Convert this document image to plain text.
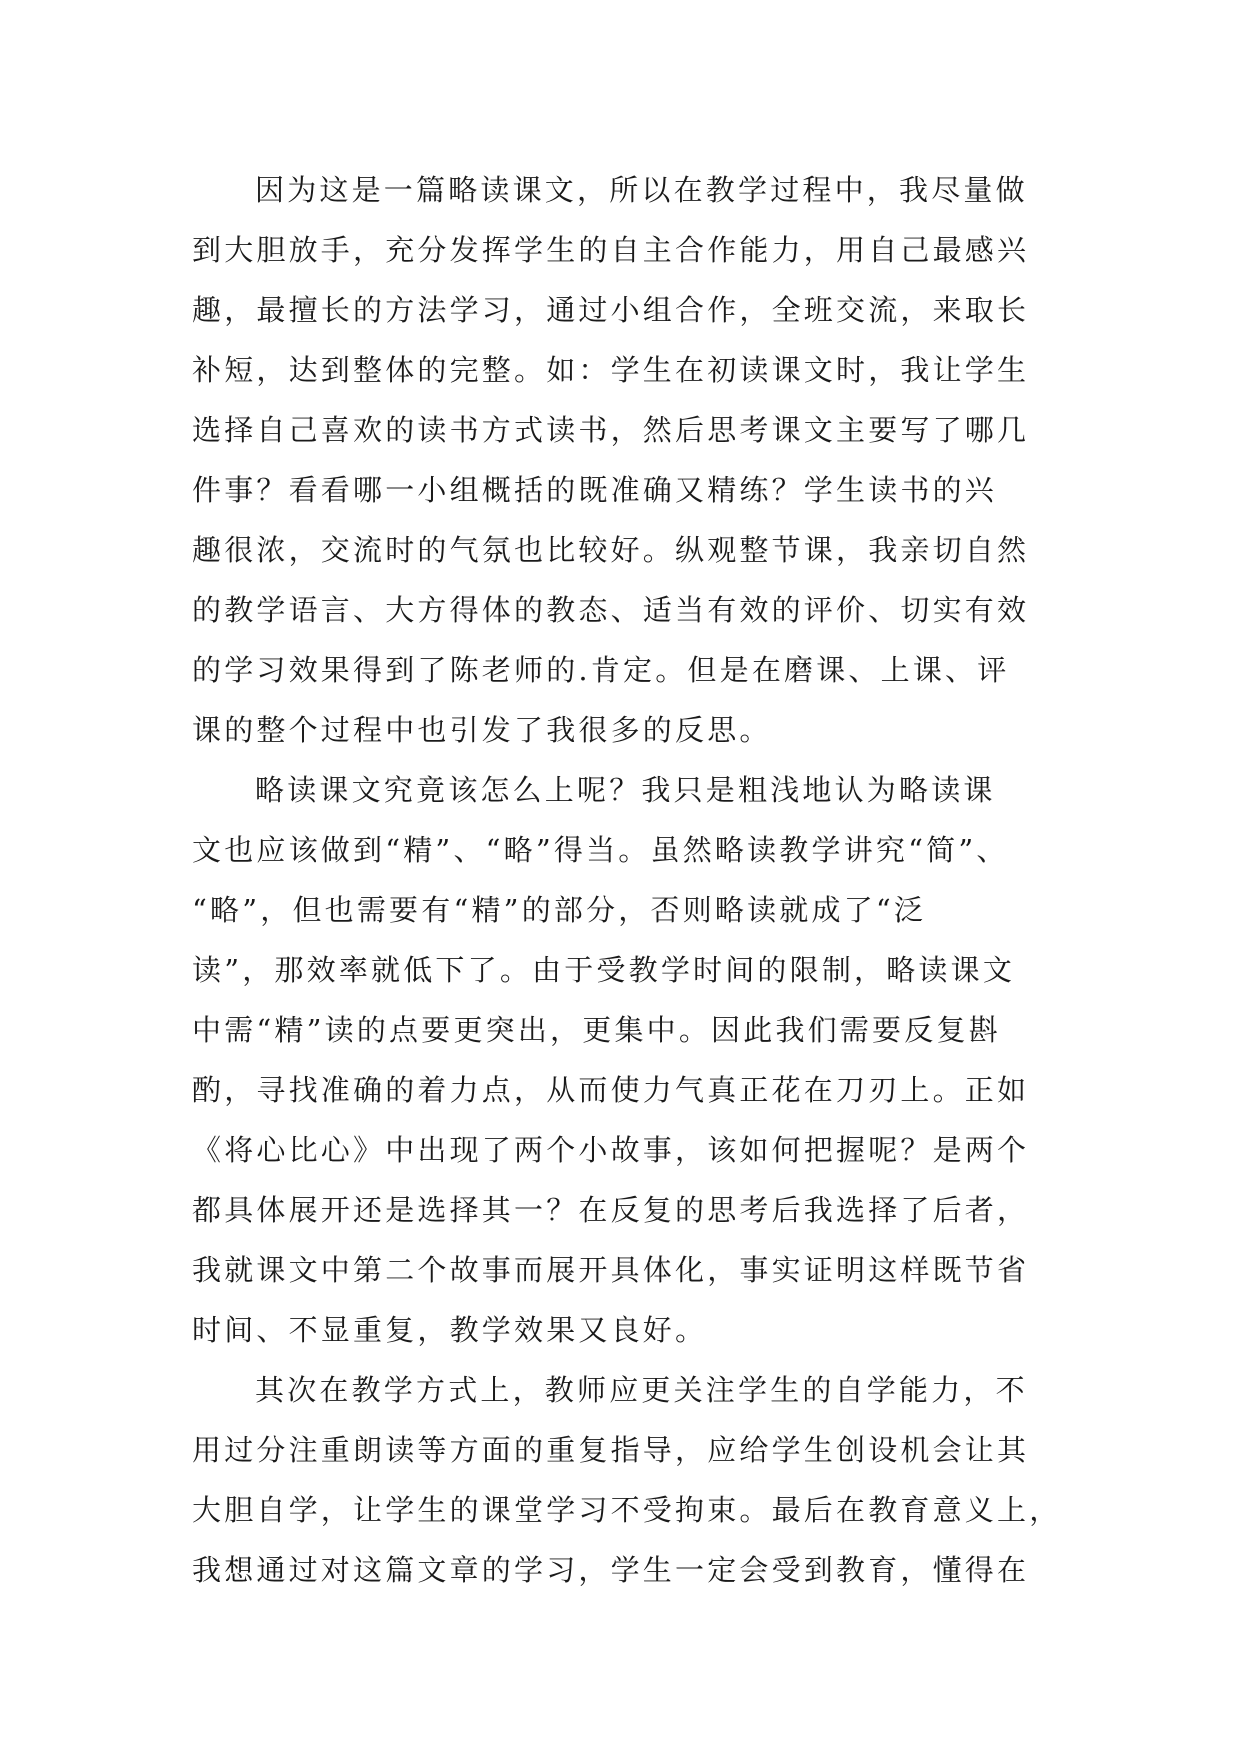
因为这是一篇略读课文，所以在教学过程中，我尽量做
到大胆放手，充分发挥学生的自主合作能力，用自己最感兴
趣，最擅长的方法学习，通过小组合作，全班交流，来取长
补短，达到整体的完整。如：学生在初读课文时，我让学生
选择自己喜欢的读书方式读书，然后思考课文主要写了哪几
件事？看看哪一小组概括的既准确又精练？学生读书的兴
趣很浓，交流时的气氛也比较好。纵观整节课，我亲切自然
的教学语言、大方得体的教态、适当有效的评价、切实有效
的学习效果得到了陈老师的.肯定。但是在磨课、上课、评
课的整个过程中也引发了我很多的反思。
略读课文究竟该怎么上呢？我只是粗浅地认为略读课
文也应该做到“精”、“略”得当。虽然略读教学讲究“简”、
“略”，但也需要有“精”的部分，否则略读就成了“泛
读”，那效率就低下了。由于受教学时间的限制，略读课文
中需“精”读的点要更突出，更集中。因此我们需要反复斟
酌，寻找准确的着力点，从而使力气真正花在刀刃上。正如
《将心比心》中出现了两个小故事，该如何把握呢？是两个
都具体展开还是选择其一？在反复的思考后我选择了后者，
我就课文中第二个故事而展开具体化，事实证明这样既节省
时间、不显重复，教学效果又良好。
其次在教学方式上，教师应更关注学生的自学能力，不
用过分注重朗读等方面的重复指导，应给学生创设机会让其
大胆自学，让学生的课堂学习不受拘束。最后在教育意义上，
我想通过对这篇文章的学习，学生一定会受到教育，懂得在
